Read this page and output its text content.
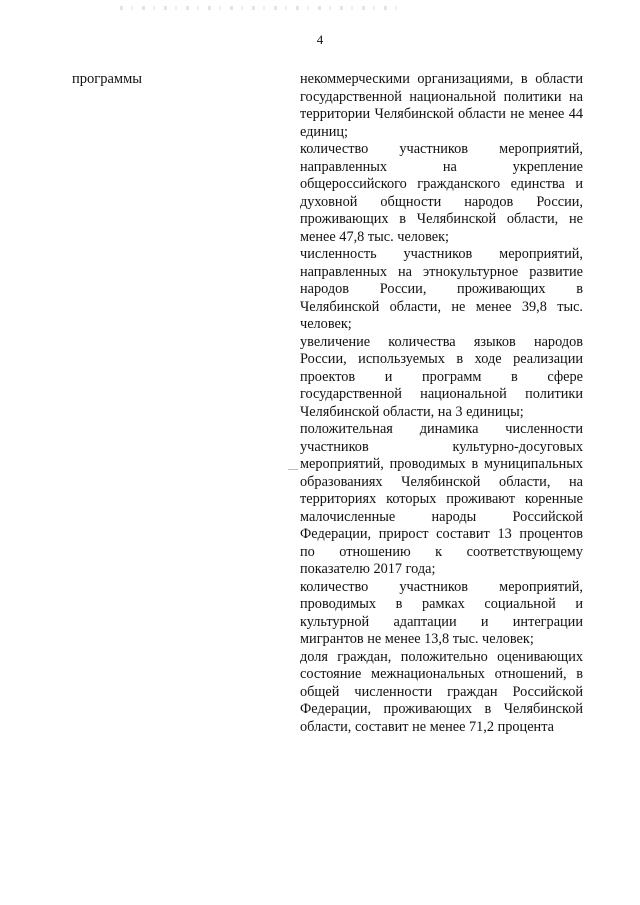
4
программы	некоммерческими организациями, в области государственной национальной политики на территории Челябинской области не менее 44 единиц;

количество участников мероприятий, направленных на укрепление общероссийского гражданского единства и духовной общности народов России, проживающих в Челябинской области, не менее 47,8 тыс. человек;

численность участников мероприятий, направленных на этнокультурное развитие народов России, проживающих в Челябинской области, не менее 39,8 тыс. человек;

увеличение количества языков народов России, используемых в ходе реализации проектов и программ в сфере государственной национальной политики Челябинской области, на 3 единицы;

положительная динамика численности участников культурно-досуговых мероприятий, проводимых в муниципальных образованиях Челябинской области, на территориях которых проживают коренные малочисленные народы Российской Федерации, прирост составит 13 процентов по отношению к соответствующему показателю 2017 года;

количество участников мероприятий, проводимых в рамках социальной и культурной адаптации и интеграции мигрантов не менее 13,8 тыс. человек;

доля граждан, положительно оценивающих состояние межнациональных отношений, в общей численности граждан Российской Федерации, проживающих в Челябинской области, составит не менее 71,2 процента
